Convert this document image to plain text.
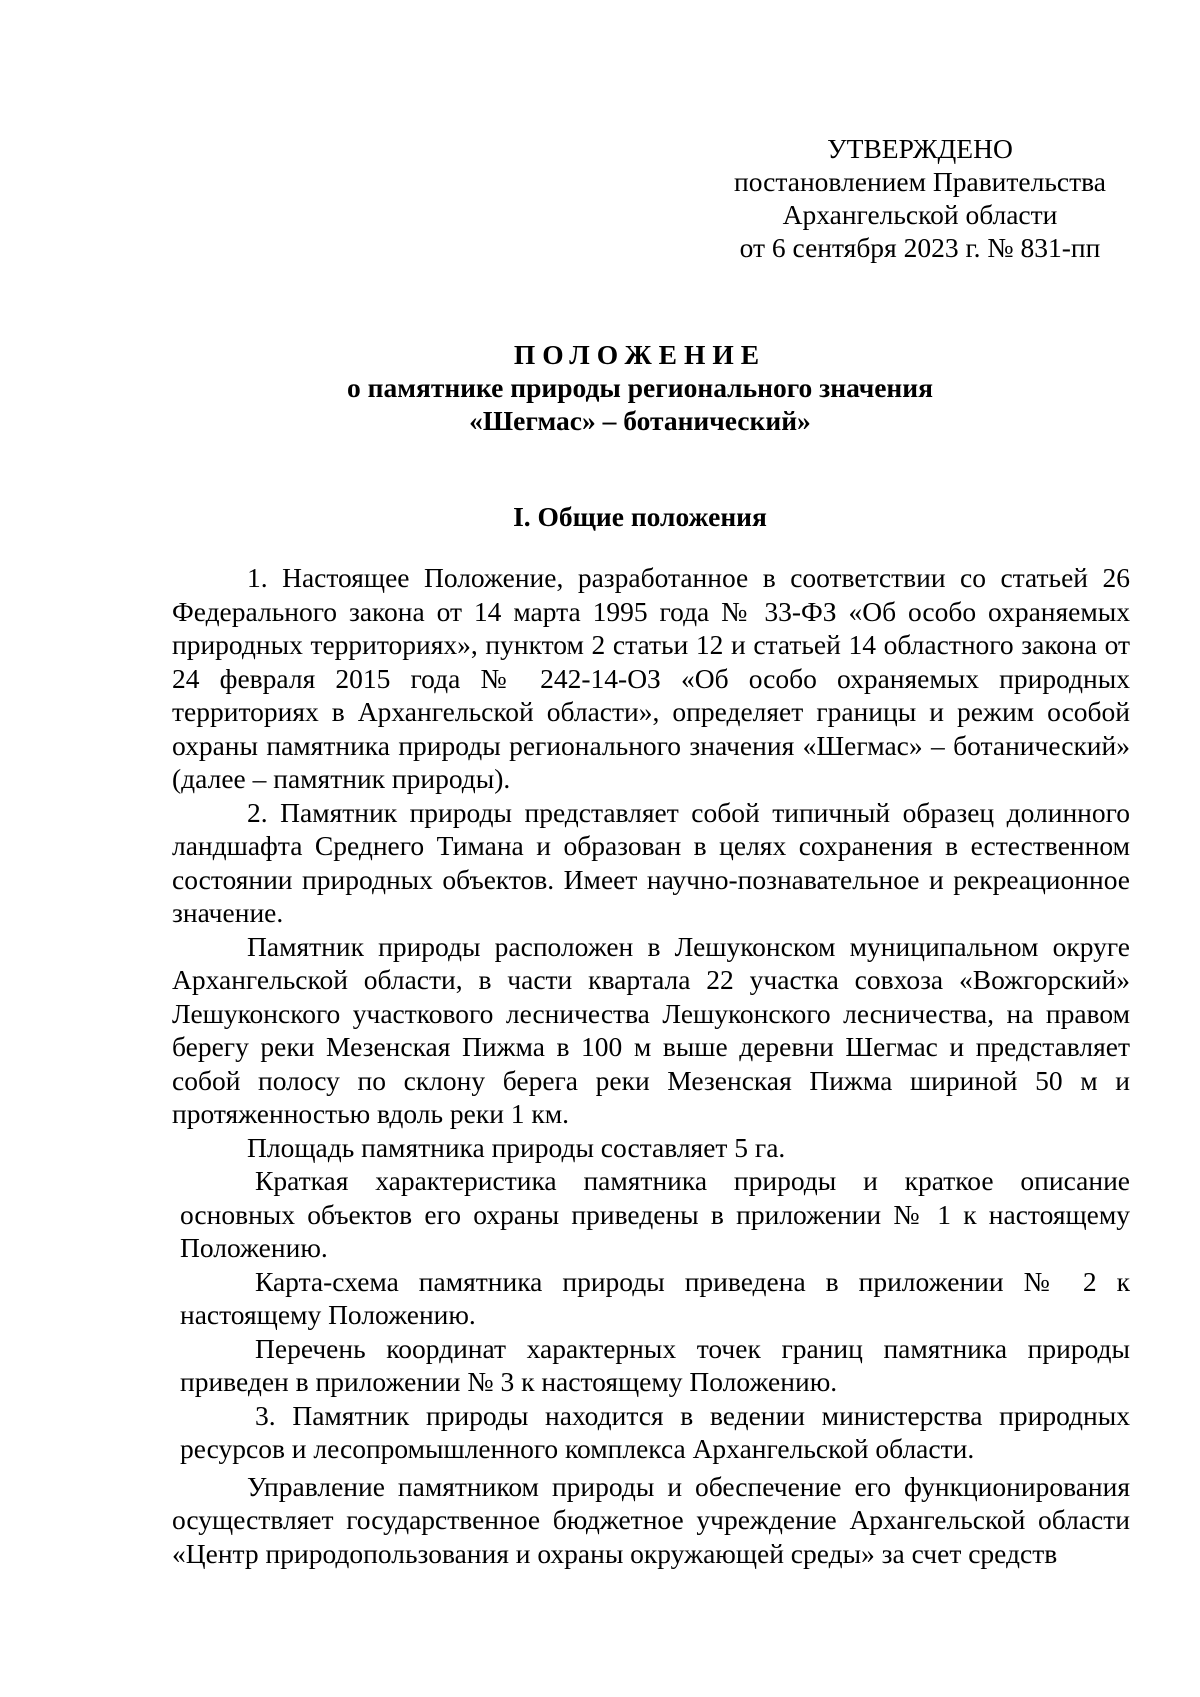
УТВЕРЖДЕНО
постановлением Правительства
Архангельской области
от 6 сентября 2023 г. № 831-пп
ПОЛОЖЕНИЕ
о памятнике природы регионального значения
«Шегмас» – ботанический»
I. Общие положения

1. Настоящее Положение, разработанное в соответствии со статьей 26 Федерального закона от 14 марта 1995 года № 33-ФЗ «Об особо охраняемых природных территориях», пунктом 2 статьи 12 и статьей 14 областного закона от 24 февраля 2015 года № 242-14-ОЗ «Об особо охраняемых природных территориях в Архангельской области», определяет границы и режим особой охраны памятника природы регионального значения «Шегмас» – ботанический» (далее – памятник природы).

2. Памятник природы представляет собой типичный образец долинного ландшафта Среднего Тимана и образован в целях сохранения в естественном состоянии природных объектов. Имеет научно-познавательное и рекреационное значение.

Памятник природы расположен в Лешуконском муниципальном округе Архангельской области, в части квартала 22 участка совхоза «Вожгорский» Лешуконского участкового лесничества Лешуконского лесничества, на правом берегу реки Мезенская Пижма в 100 м выше деревни Шегмас и представляет собой полосу по склону берега реки Мезенская Пижма шириной 50 м и протяженностью вдоль реки 1 км.

Площадь памятника природы составляет 5 га.

Краткая характеристика памятника природы и краткое описание основных объектов его охраны приведены в приложении № 1 к настоящему Положению.

Карта-схема памятника природы приведена в приложении № 2 к настоящему Положению.

Перечень координат характерных точек границ памятника природы приведен в приложении № 3 к настоящему Положению.

3. Памятник природы находится в ведении министерства природных ресурсов и лесопромышленного комплекса Архангельской области.

Управление памятником природы и обеспечение его функционирования осуществляет государственное бюджетное учреждение Архангельской области «Центр природопользования и охраны окружающей среды» за счет средств
